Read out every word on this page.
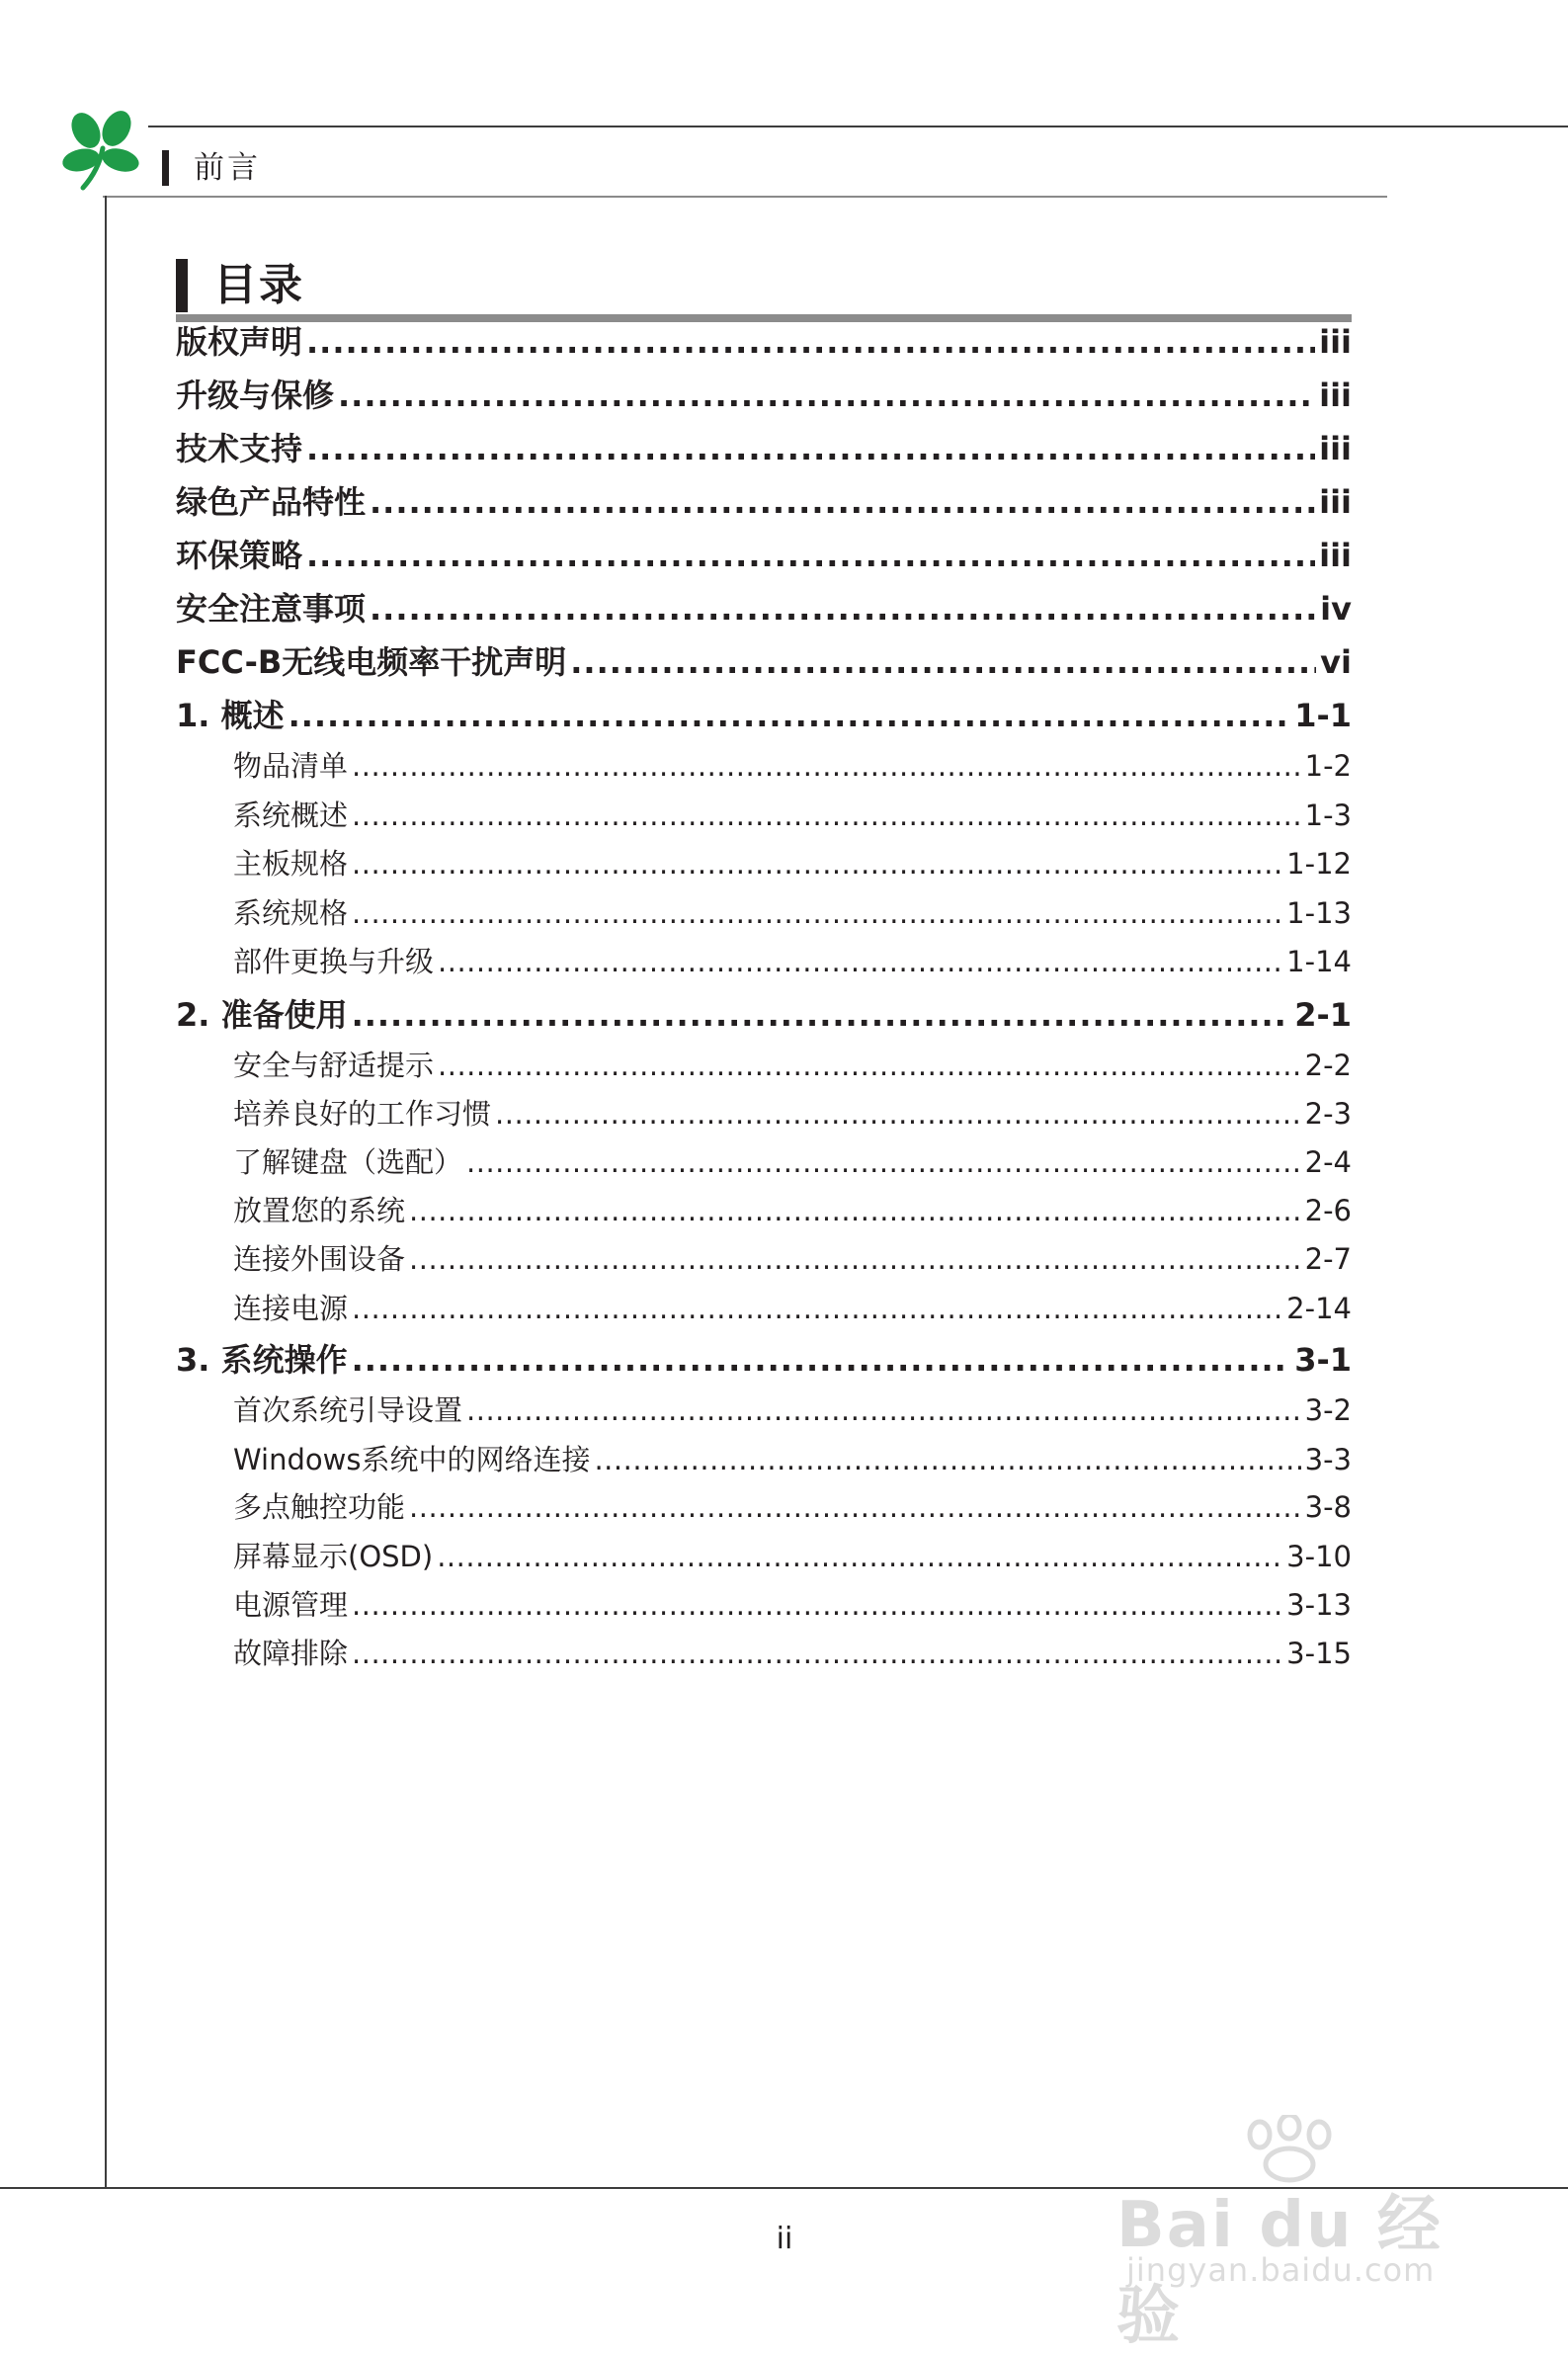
前言
目录
版权声明 .....	iii
升级与保修 .....	iii
技术支持 .....	iii
绿色产品特性 .....	iii
环保策略 .....	iii
安全注意事项 .....	iv
FCC-B无线电频率干扰声明 .....	vi
1. 概述 .....	1-1
物品清单 .....	1-2
系统概述 .....	1-3
主板规格 .....	1-12
系统规格 .....	1-13
部件更换与升级 .....	1-14
2. 准备使用 .....	2-1
安全与舒适提示 .....	2-2
培养良好的工作习惯 .....	2-3
了解键盘（选配） .....	2-4
放置您的系统 .....	2-6
连接外围设备 .....	2-7
连接电源 .....	2-14
3. 系统操作 .....	3-1
首次系统引导设置 .....	3-2
Windows系统中的网络连接 .....	3-3
多点触控功能 .....	3-8
屏幕显示(OSD) .....	3-10
电源管理 .....	3-13
故障排除 .....	3-15
ii	Bai du 经验
jingyan.baidu.com
